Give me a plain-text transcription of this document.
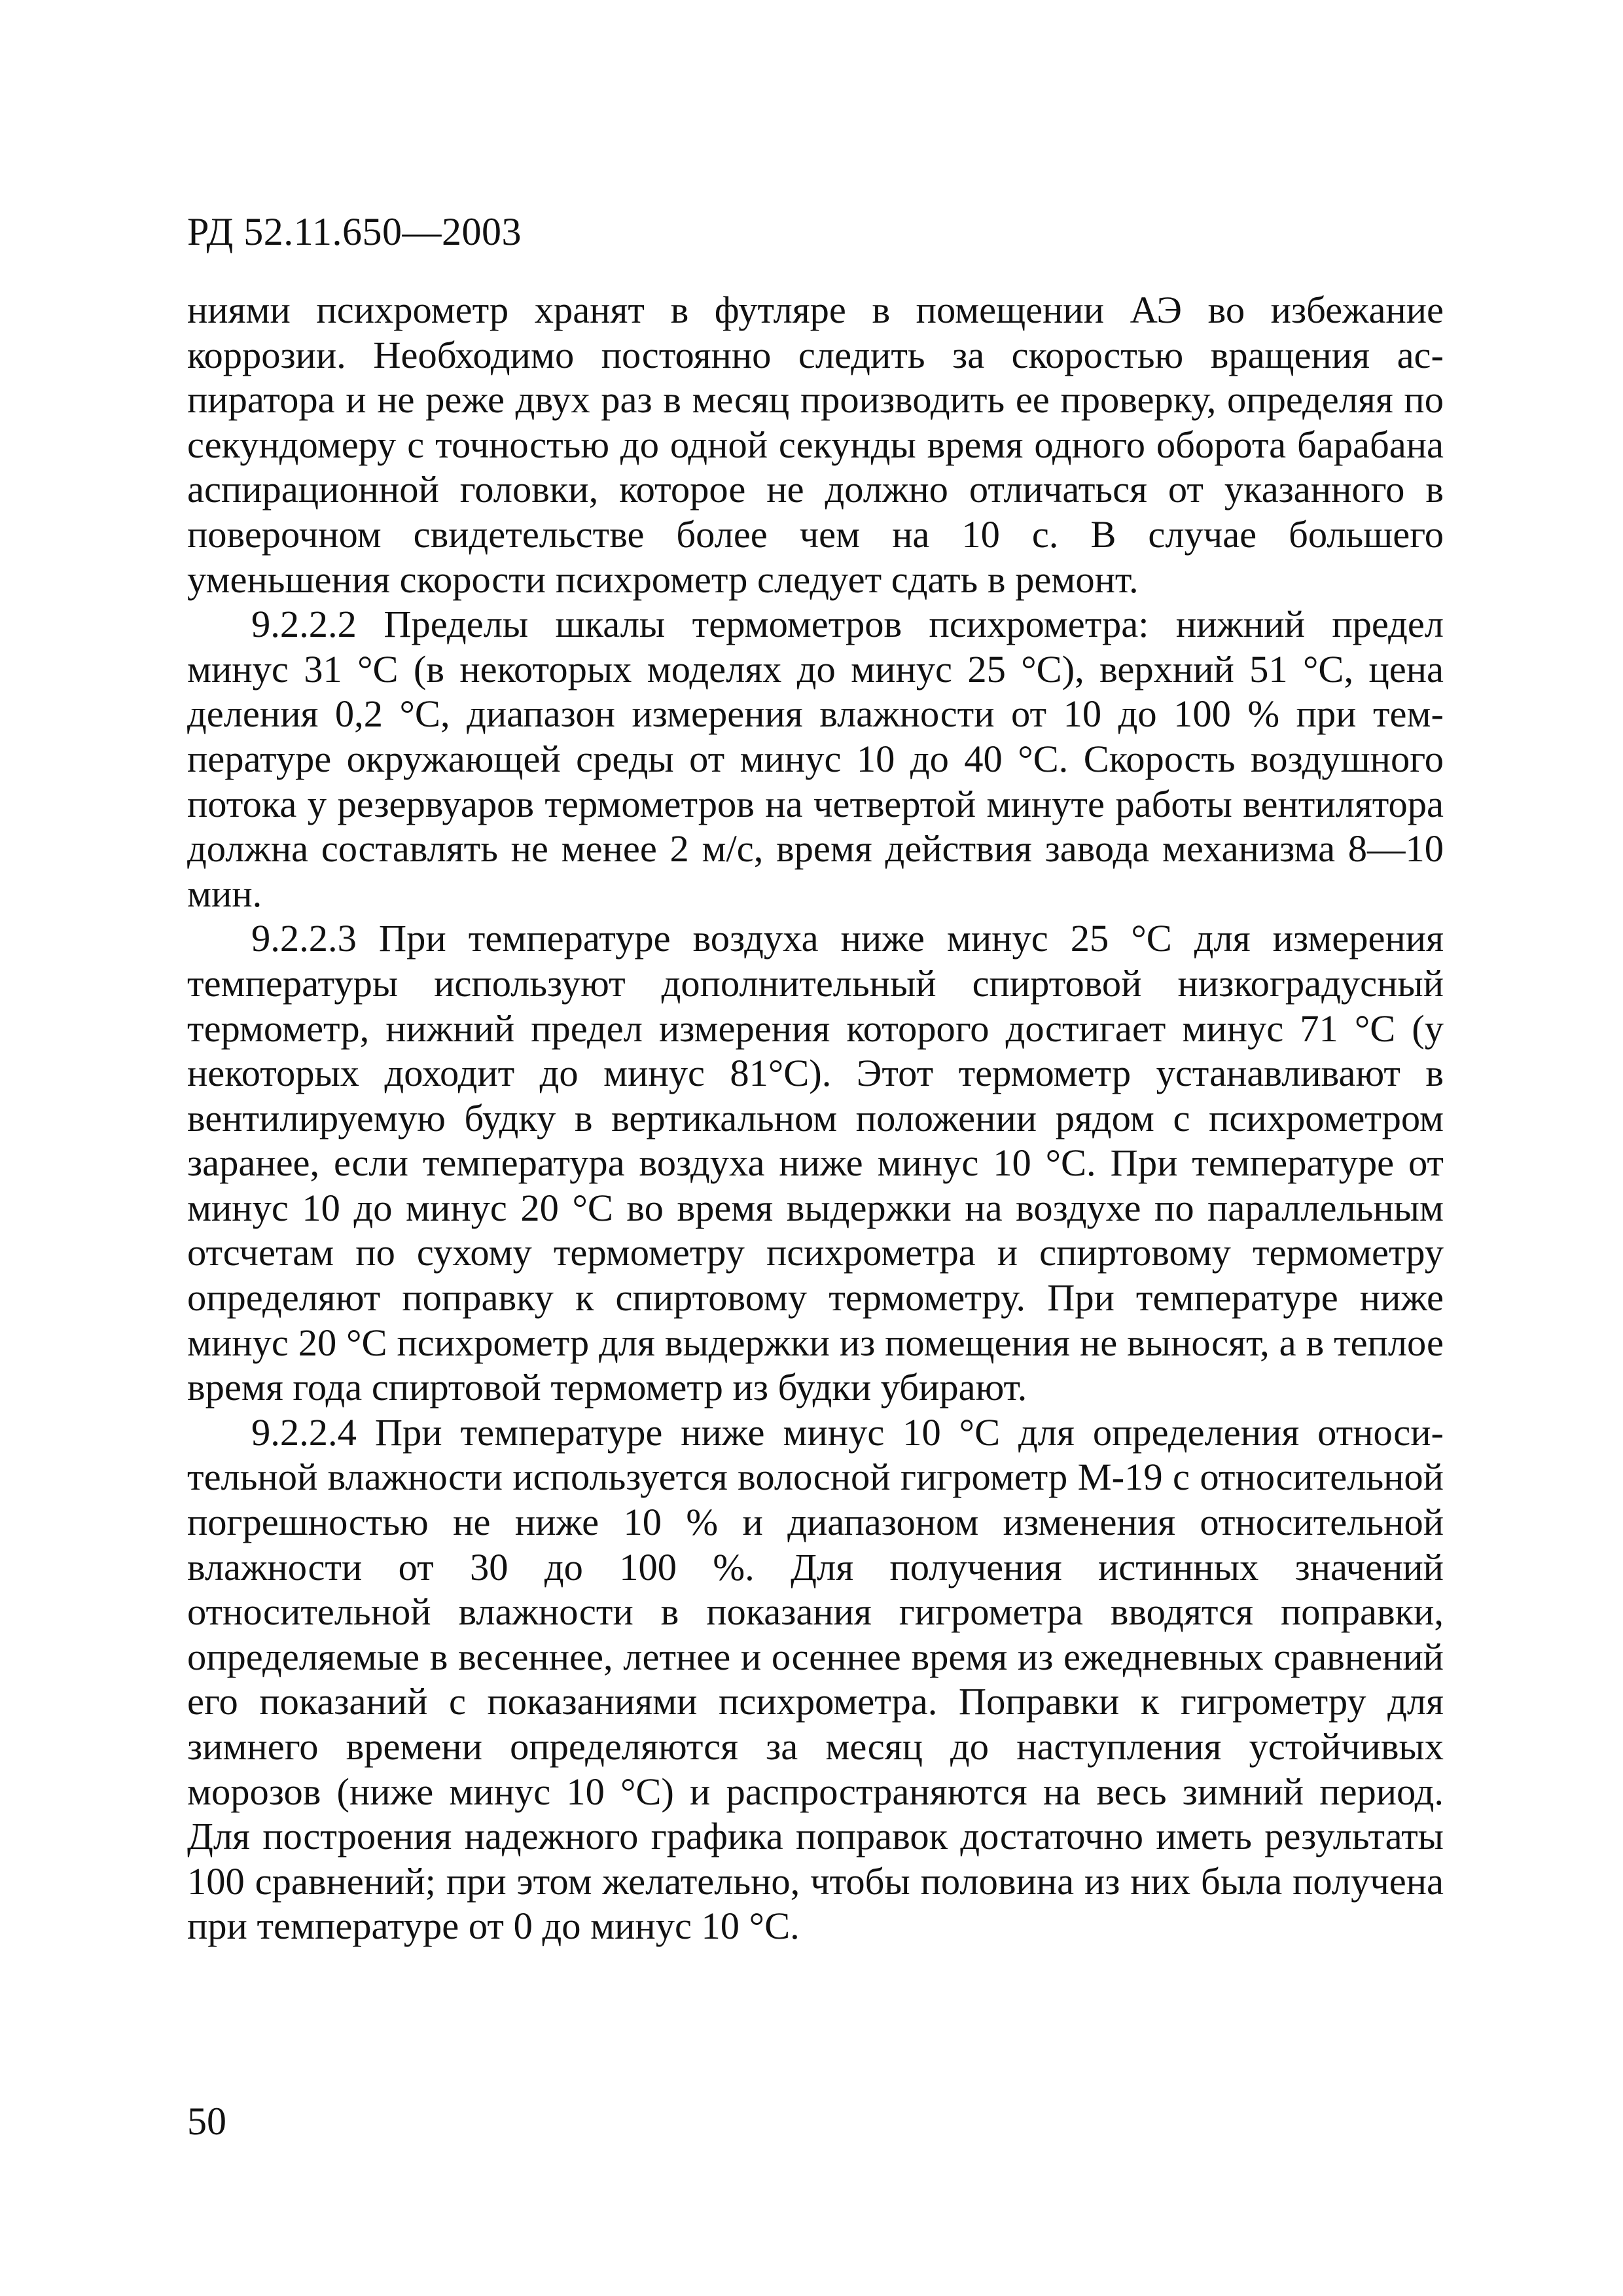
РД 52.11.650—2003

ниями психрометр хранят в футляре в помещении АЭ во избежание коррозии. Необходимо постоянно следить за скоростью вращения аспиратора и не реже двух раз в месяц производить ее проверку, определяя по секундомеру с точностью до одной секунды время одного оборота барабана аспирационной головки, которое не должно отличаться от указанного в поверочном свидетельстве более чем на 10 с. В случае большего уменьшения скорости психрометр следует сдать в ремонт.

9.2.2.2 Пределы шкалы термометров психрометра: нижний предел минус 31 °С (в некоторых моделях до минус 25 °С), верхний 51 °С, цена деления 0,2 °С, диапазон измерения влажности от 10 до 100 % при температуре окружающей среды от минус 10 до 40 °С. Скорость воздушного потока у резервуаров термометров на четвертой минуте работы вентилятора должна составлять не менее 2 м/с, время действия завода механизма 8—10 мин.

9.2.2.3 При температуре воздуха ниже минус 25 °С для измерения температуры используют дополнительный спиртовой низкоградусный термометр, нижний предел измерения которого достигает минус 71 °С (у некоторых доходит до минус 81°С). Этот термометр устанавливают в вентилируемую будку в вертикальном положении рядом с психрометром заранее, если температура воздуха ниже минус 10 °С. При температуре от минус 10 до минус 20 °С во время выдержки на воздухе по параллельным отсчетам по сухому термометру психрометра и спиртовому термометру определяют поправку к спиртовому термометру. При температуре ниже минус 20 °С психрометр для выдержки из помещения не выносят, а в теплое время года спиртовой термометр из будки убирают.

9.2.2.4 При температуре ниже минус 10 °С для определения относительной влажности используется волосной гигрометр М-19 с относительной погрешностью не ниже 10 % и диапазоном изменения относительной влажности от 30 до 100 %. Для получения истинных значений относительной влажности в показания гигрометра вводятся поправки, определяемые в весеннее, летнее и осеннее время из ежедневных сравнений его показаний с показаниями психрометра. Поправки к гигрометру для зимнего времени определяются за месяц до наступления устойчивых морозов (ниже минус 10 °С) и распространяются на весь зимний период. Для построения надежного графика поправок достаточно иметь результаты 100 сравнений; при этом желательно, чтобы половина из них была получена при температуре от 0 до минус 10 °С.

50
